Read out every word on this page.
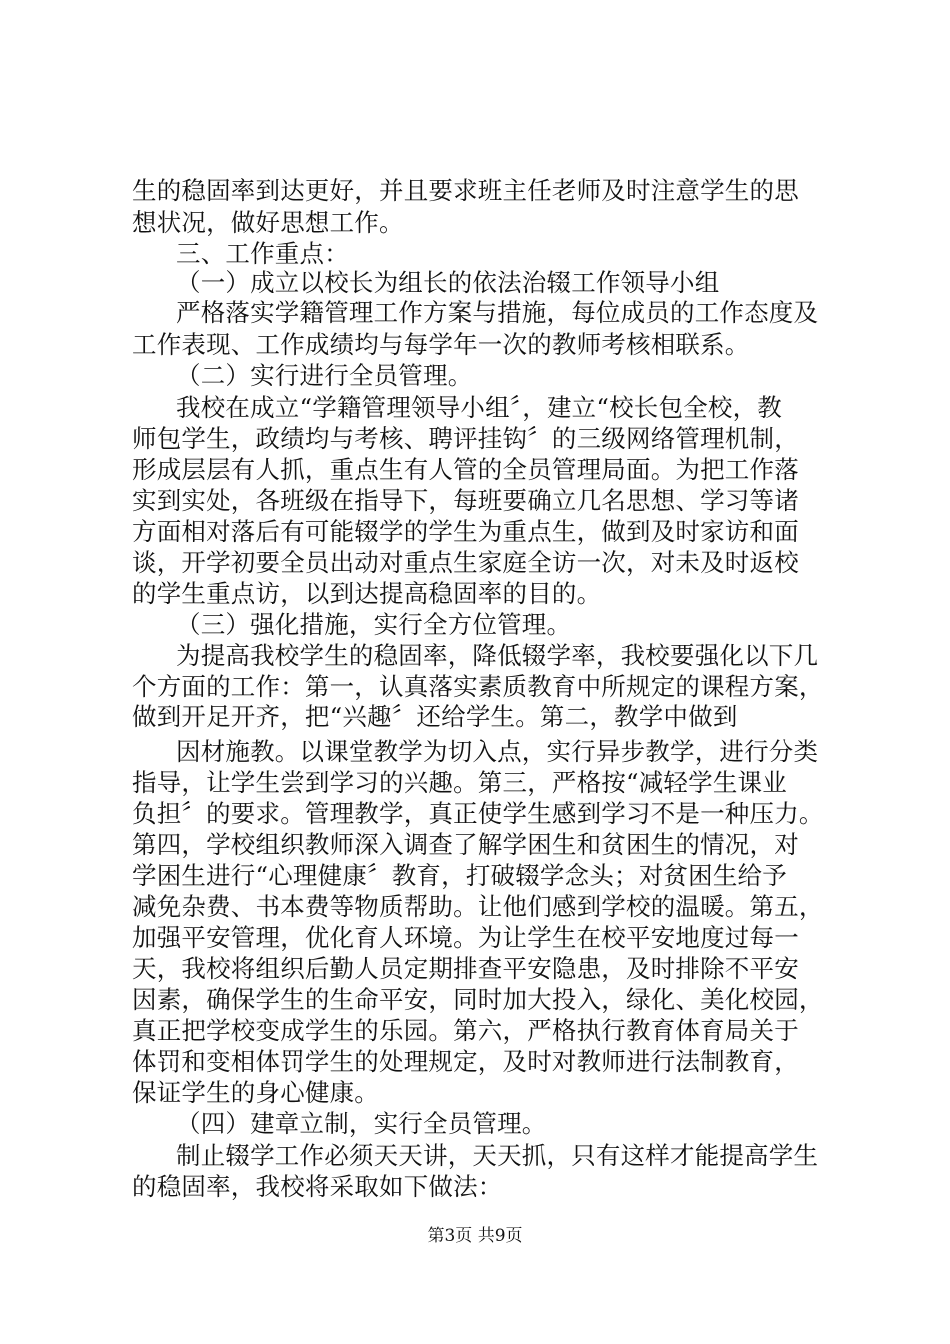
生的稳固率到达更好，并且要求班主任老师及时注意学生的思
想状况，做好思想工作。
三、工作重点：
（一）成立以校长为组长的依法治辍工作领导小组
严格落实学籍管理工作方案与措施，每位成员的工作态度及
工作表现、工作成绩均与每学年一次的教师考核相联系。
（二）实行进行全员管理。
我校在成立“学籍管理领导小组〞，建立“校长包全校，教
师包学生，政绩均与考核、聘评挂钩〞的三级网络管理机制，
形成层层有人抓，重点生有人管的全员管理局面。为把工作落
实到实处，各班级在指导下，每班要确立几名思想、学习等诸
方面相对落后有可能辍学的学生为重点生，做到及时家访和面
谈，开学初要全员出动对重点生家庭全访一次，对未及时返校
的学生重点访，以到达提高稳固率的目的。
（三）强化措施，实行全方位管理。
为提高我校学生的稳固率，降低辍学率，我校要强化以下几
个方面的工作：第一，认真落实素质教育中所规定的课程方案，
做到开足开齐，把“兴趣〞还给学生。第二，教学中做到
因材施教。以课堂教学为切入点，实行异步教学，进行分类
指导，让学生尝到学习的兴趣。第三，严格按“减轻学生课业
负担〞的要求。管理教学，真正使学生感到学习不是一种压力。
第四，学校组织教师深入调查了解学困生和贫困生的情况，对
学困生进行“心理健康〞教育，打破辍学念头；对贫困生给予
减免杂费、书本费等物质帮助。让他们感到学校的温暖。第五，
加强平安管理，优化育人环境。为让学生在校平安地度过每一
天，我校将组织后勤人员定期排查平安隐患，及时排除不平安
因素，确保学生的生命平安，同时加大投入，绿化、美化校园，
真正把学校变成学生的乐园。第六，严格执行教育体育局关于
体罚和变相体罚学生的处理规定，及时对教师进行法制教育，
保证学生的身心健康。
（四）建章立制，实行全员管理。
制止辍学工作必须天天讲，天天抓，只有这样才能提高学生
的稳固率，我校将采取如下做法：
第3页 共9页
